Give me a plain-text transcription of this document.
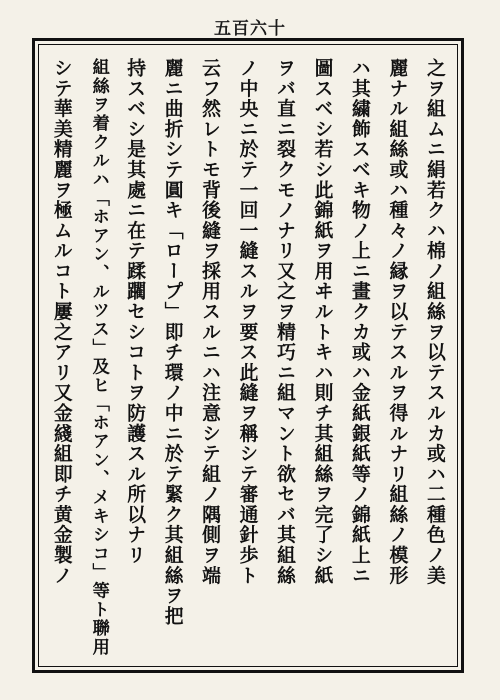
五百六十
之ヲ組ムニ絹若クハ棉ノ組絲ヲ以テスルカ或ハ二種色ノ美
麗ナル組絲或ハ種々ノ縁ヲ以テスルヲ得ルナリ組絲ノ模形
ハ其繍飾スベキ物ノ上ニ畫クカ或ハ金紙銀紙等ノ錦紙上ニ
圖スベシ若シ此錦紙ヲ用ヰルトキハ則チ其組絲ヲ完了シ紙
ヲバ直ニ裂クモノナリ又之ヲ精巧ニ組マント欲セバ其組絲
ノ中央ニ於テ一回一縫スルヲ要ス此縫ヲ稱シテ審通針歩ト
云フ然レトモ背後縫ヲ採用スルニハ注意シテ組ノ隅側ヲ端
麗ニ曲折シテ圓キ「ロープ」即チ環ノ中ニ於テ緊ク其組絲ヲ把
持スベシ是其處ニ在テ蹂躙セシコトヲ防護スル所以ナリ
組絲ヲ着クルハ「ホアン、ルツス」及ヒ「ホアン、メキシコ」等ト聯用
シテ華美精麗ヲ極ムルコト屢之アリ又金綫組即チ黄金製ノ
